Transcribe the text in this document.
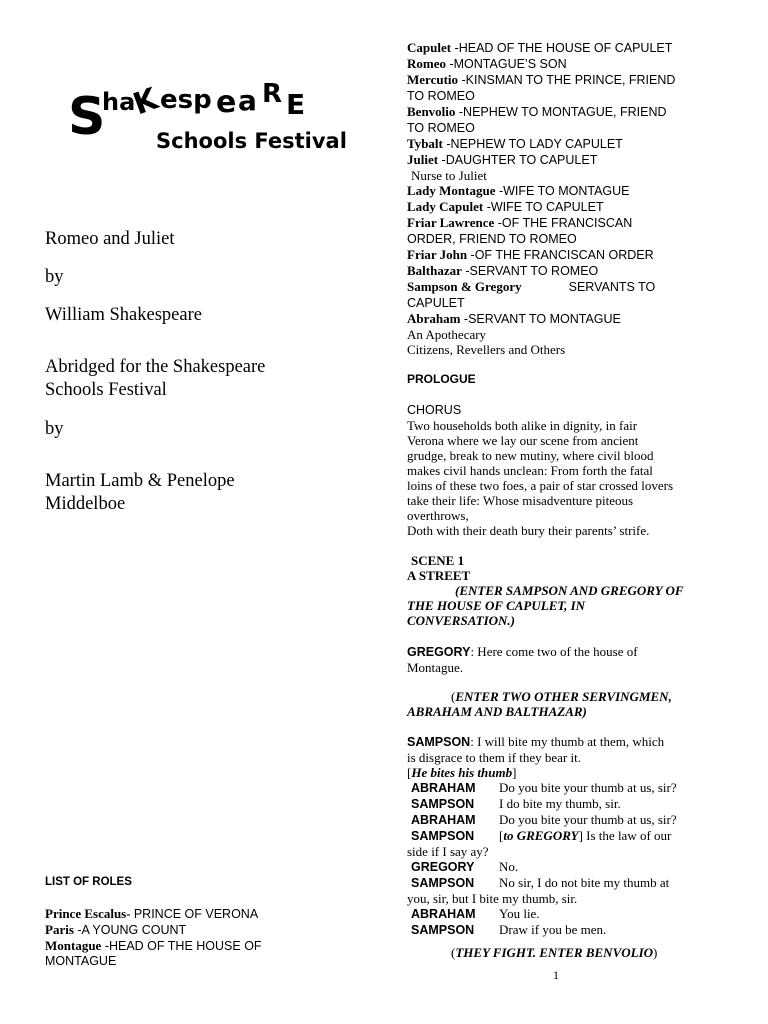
S
ha
K
esp e a R E
Schools Festival
Romeo and Juliet
by
William Shakespeare
Abridged for the Shakespeare
Schools Festival
by
Martin Lamb & Penelope
Middelboe
LIST OF ROLES
Prince Escalus- PRINCE OF VERONA
Paris -A YOUNG COUNT
Montague -HEAD OF THE HOUSE OF
MONTAGUE
Capulet -HEAD OF THE HOUSE OF CAPULET
Romeo -MONTAGUE’S SON
Mercutio -KINSMAN TO THE PRINCE, FRIEND
TO ROMEO
Benvolio -NEPHEW TO MONTAGUE, FRIEND
TO ROMEO
Tybalt -NEPHEW TO LADY CAPULET
Juliet -DAUGHTER TO CAPULET
Nurse to Juliet
Lady Montague -WIFE TO MONTAGUE
Lady Capulet -WIFE TO CAPULET
Friar Lawrence -OF THE FRANCISCAN
ORDER, FRIEND TO ROMEO
Friar John -OF THE FRANCISCAN ORDER
Balthazar -SERVANT TO ROMEO
Sampson & Gregory	SERVANTS TO
CAPULET
Abraham -SERVANT TO MONTAGUE
An Apothecary
Citizens, Revellers and Others
PROLOGUE
CHORUS
Two households both alike in dignity, in fair
Verona where we lay our scene from ancient
grudge, break to new mutiny, where civil blood
makes civil hands unclean: From forth the fatal
loins of these two foes, a pair of star crossed lovers
take their life: Whose misadventure piteous
overthrows,
Doth with their death bury their parents’ strife.
SCENE 1
A STREET
(ENTER SAMPSON AND GREGORY OF
THE HOUSE OF CAPULET, IN
CONVERSATION.)
GREGORY: Here come two of the house of
Montague.
(ENTER TWO OTHER SERVINGMEN,
ABRAHAM AND BALTHAZAR)
SAMPSON: I will bite my thumb at them, which
is disgrace to them if they bear it.
[He bites his thumb]
ABRAHAM Do you bite your thumb at us, sir?
SAMPSON I do bite my thumb, sir.
ABRAHAM Do you bite your thumb at us, sir?
SAMPSON [to GREGORY] Is the law of our
side if I say ay?
GREGORY No.
SAMPSON No sir, I do not bite my thumb at
you, sir, but I bite my thumb, sir.
ABRAHAM You lie.
SAMPSON Draw if you be men.
(THEY FIGHT. ENTER BENVOLIO)
1
